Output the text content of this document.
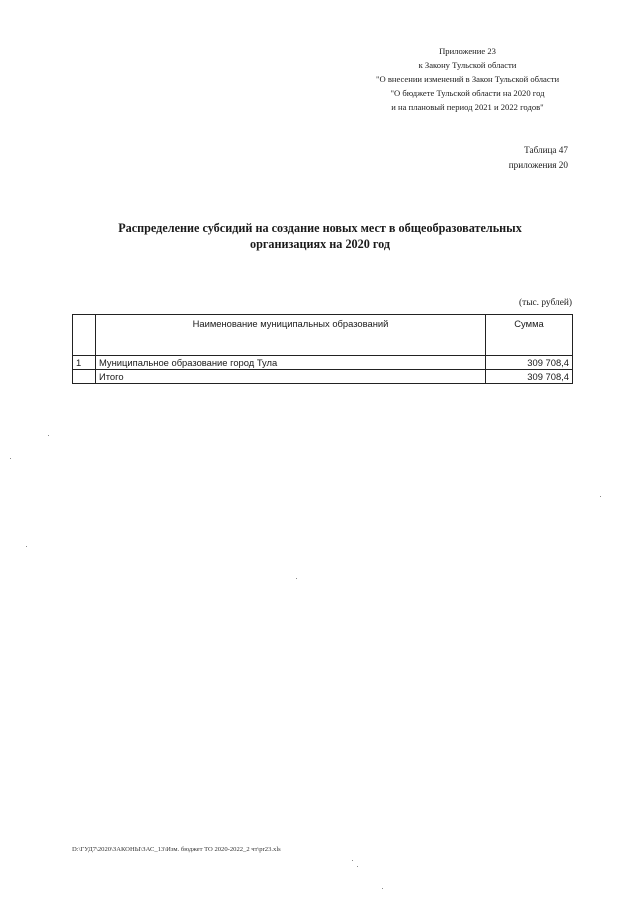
Приложение 23
к Закону Тульской области
"О внесении изменений в Закон Тульской области
"О бюджете Тульской области на 2020 год
и на плановый период 2021 и 2022 годов"
Таблица 47
приложения 20
Распределение субсидий на создание новых мест в общеобразовательных
организациях на 2020 год
(тыс. рублей)
	Наименование муниципальных образований	Сумма
1	Муниципальное образование город Тула	309 708,4
	Итого	309 708,4
D:\ГУД7\2020\ЗАКОНЫ\ЗАС_13\Изм. бюджет ТО 2020-2022_2 чт\pr23.xls
